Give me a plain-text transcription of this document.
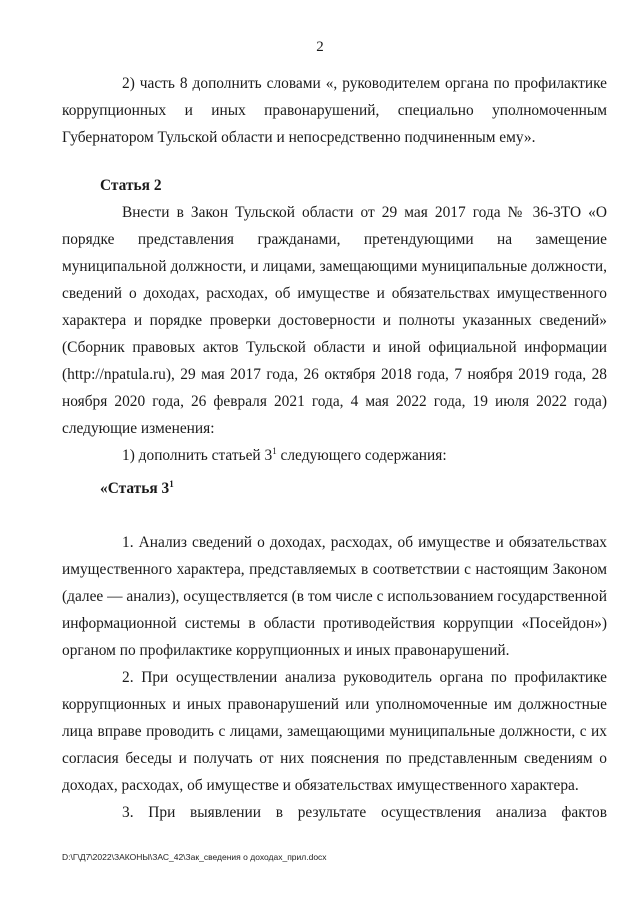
2

2) часть 8 дополнить словами «, руководителем органа по профилактике коррупционных и иных правонарушений, специально уполномоченным Губернатором Тульской области и непосредственно подчиненным ему».

Статья 2

Внести в Закон Тульской области от 29 мая 2017 года № 36-ЗТО «О порядке представления гражданами, претендующими на замещение муниципальной должности, и лицами, замещающими муниципальные должности, сведений о доходах, расходах, об имуществе и обязательствах имущественного характера и порядке проверки достоверности и полноты указанных сведений» (Сборник правовых актов Тульской области и иной официальной информации (http://npatula.ru), 29 мая 2017 года, 26 октября 2018 года, 7 ноября 2019 года, 28 ноября 2020 года, 26 февраля 2021 года, 4 мая 2022 года, 19 июля 2022 года) следующие изменения:

1) дополнить статьей $3^1$ следующего содержания:

«Статья $3^1$

1. Анализ сведений о доходах, расходах, об имуществе и обязательствах имущественного характера, представляемых в соответствии с настоящим Законом (далее — анализ), осуществляется (в том числе с использованием государственной информационной системы в области противодействия коррупции «Посейдон») органом по профилактике коррупционных и иных правонарушений.

2. При осуществлении анализа руководитель органа по профилактике коррупционных и иных правонарушений или уполномоченные им должностные лица вправе проводить с лицами, замещающими муниципальные должности, с их согласия беседы и получать от них пояснения по представленным сведениям о доходах, расходах, об имуществе и обязательствах имущественного характера.

3. При выявлении в результате осуществления анализа фактов

D:\Г\Д7\2022\ЗАКОНЫ\ЗАС_42\Зак_сведения о доходах_прил.docx
